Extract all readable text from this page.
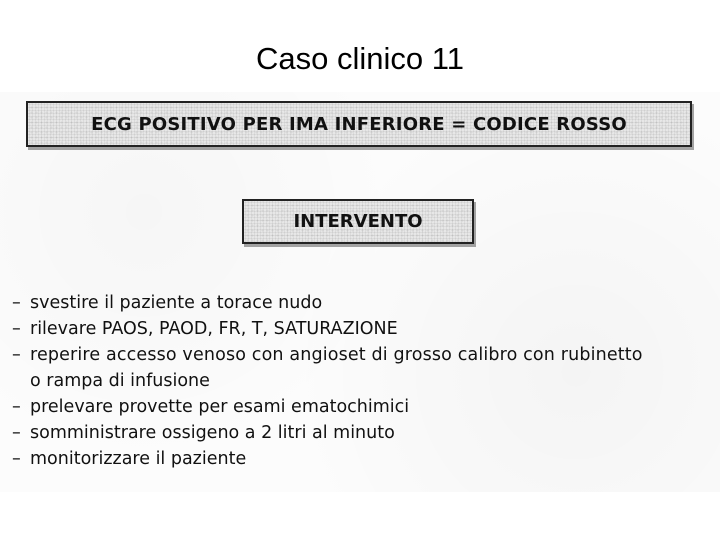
Caso clinico 11
ECG POSITIVO PER IMA INFERIORE = CODICE ROSSO
INTERVENTO
– svestire il paziente a torace nudo
– rilevare PAOS, PAOD, FR, T, SATURAZIONE
– reperire accesso venoso con angioset di grosso calibro con rubinetto
o rampa di infusione
– prelevare provette per esami ematochimici
– somministrare ossigeno a 2 litri al minuto
– monitorizzare il paziente
